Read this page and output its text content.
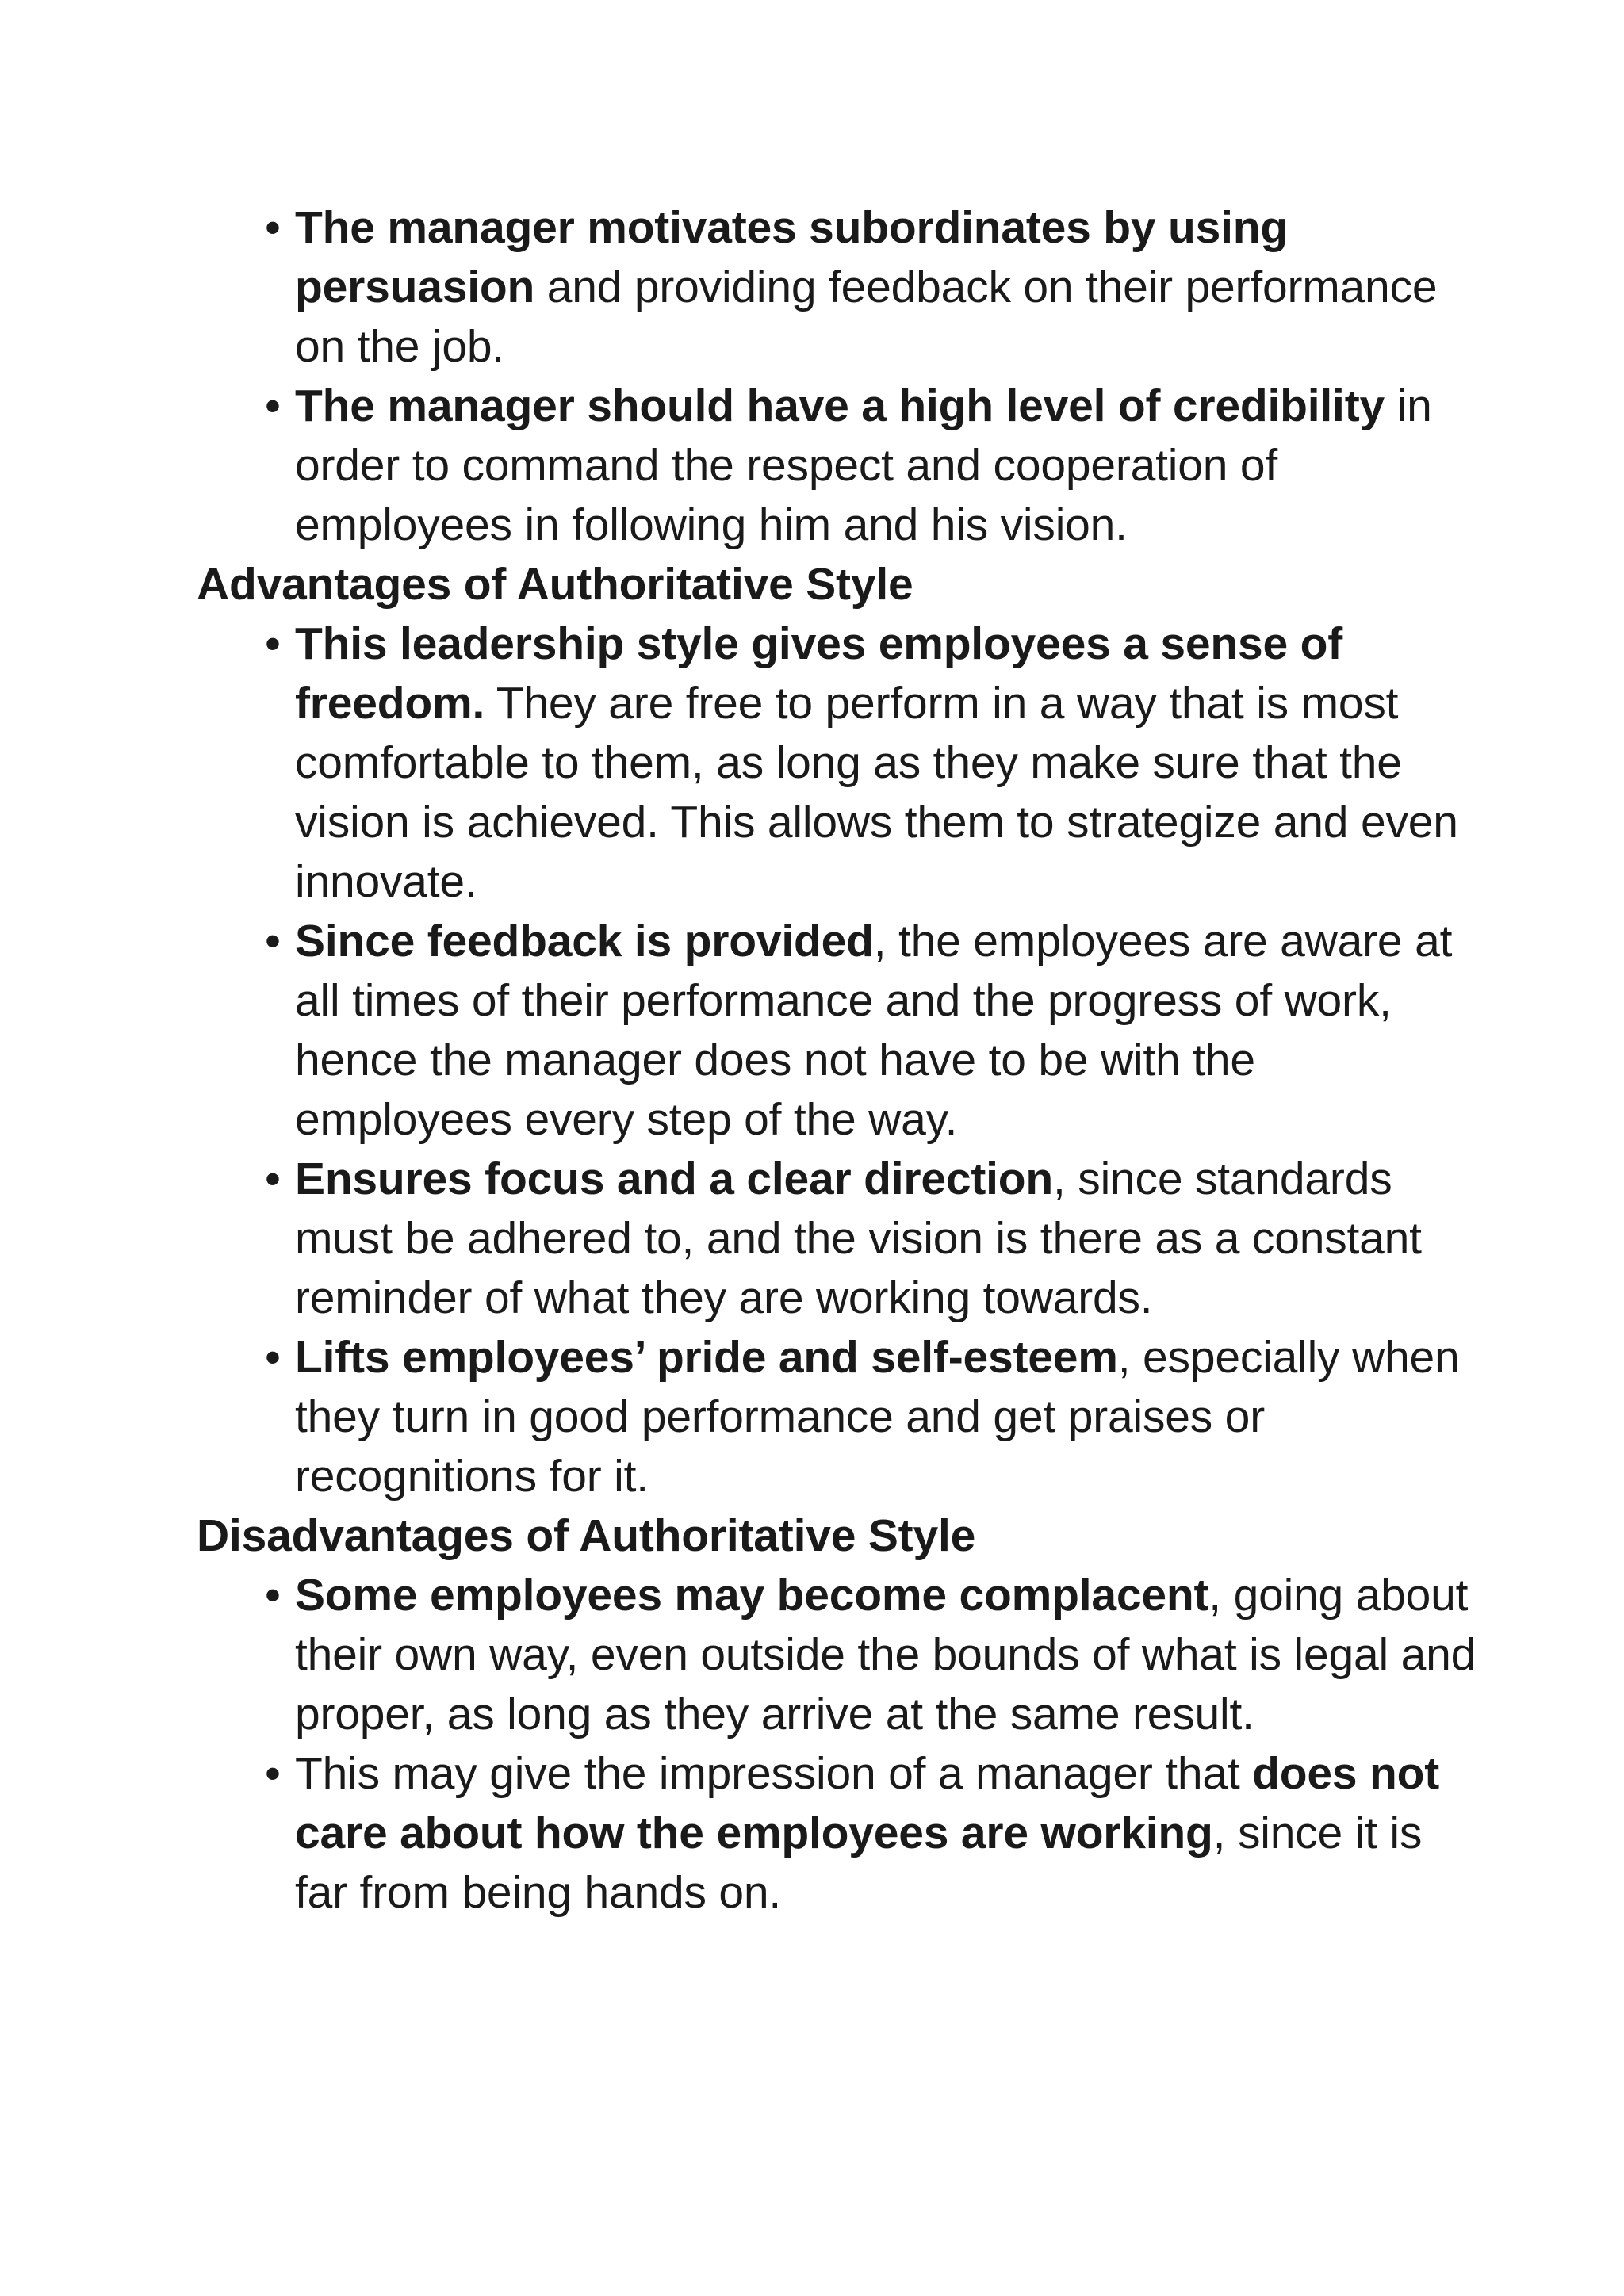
• The manager motivates subordinates by using persuasion and providing feedback on their performance on the job.

• The manager should have a high level of credibility in order to command the respect and cooperation of employees in following him and his vision.

Advantages of Authoritative Style

• This leadership style gives employees a sense of freedom. They are free to perform in a way that is most comfortable to them, as long as they make sure that the vision is achieved. This allows them to strategize and even innovate.

• Since feedback is provided, the employees are aware at all times of their performance and the progress of work, hence the manager does not have to be with the employees every step of the way.

• Ensures focus and a clear direction, since standards must be adhered to, and the vision is there as a constant reminder of what they are working towards.

• Lifts employees’ pride and self-esteem, especially when they turn in good performance and get praises or recognitions for it.

Disadvantages of Authoritative Style

• Some employees may become complacent, going about their own way, even outside the bounds of what is legal and proper, as long as they arrive at the same result.

• This may give the impression of a manager that does not care about how the employees are working, since it is far from being hands on.
